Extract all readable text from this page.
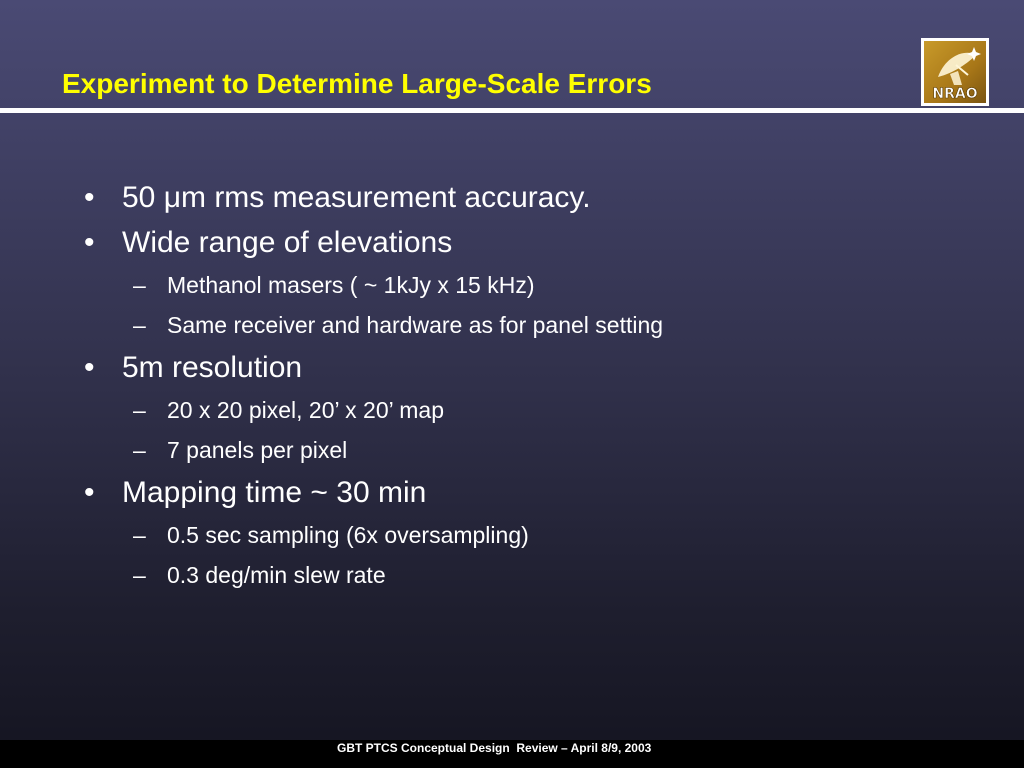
Experiment to Determine Large-Scale Errors	NRAO
• 50 μm rms measurement accuracy.
• Wide range of elevations
– Methanol masers ( ~ 1kJy x 15 kHz)
– Same receiver and hardware as for panel setting
• 5m resolution
– 20 x 20 pixel, 20’ x 20’ map
– 7 panels per pixel
• Mapping time ~ 30 min
– 0.5 sec sampling (6x oversampling)
– 0.3 deg/min slew rate
GBT PTCS Conceptual Design  Review – April 8/9, 2003
